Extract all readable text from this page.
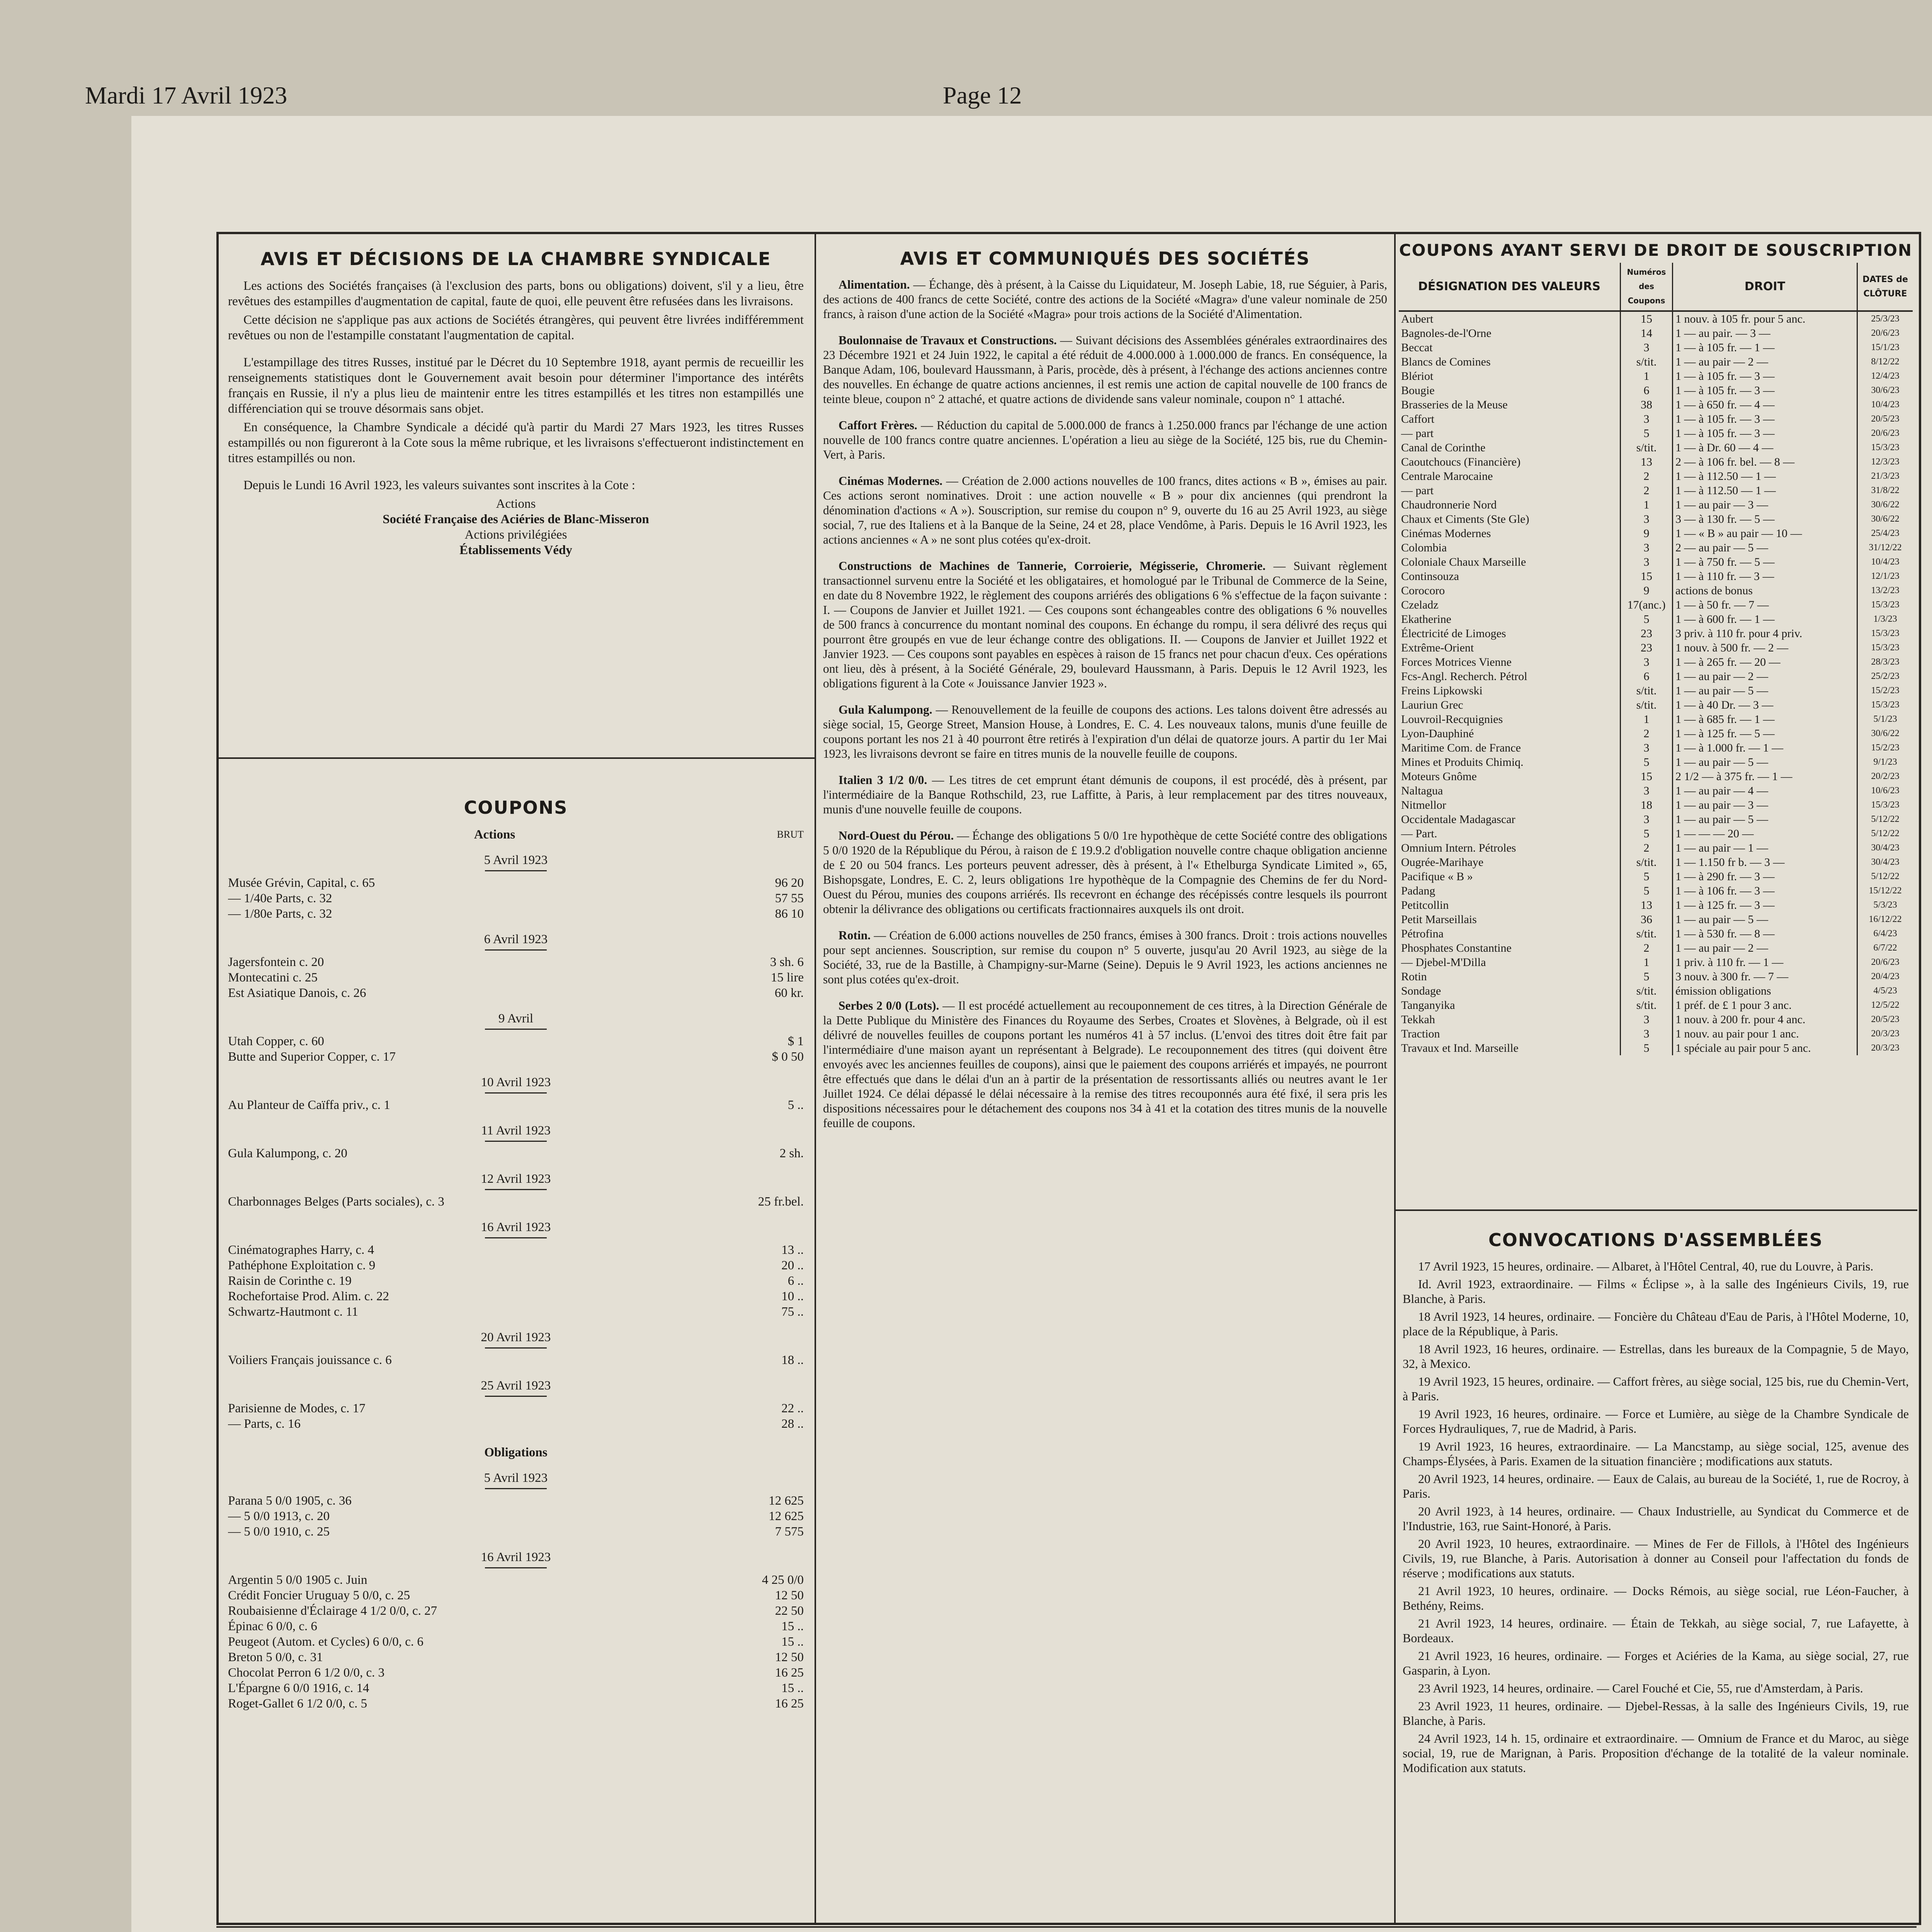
Mardi 17 Avril 1923	Page 12
AVIS ET DÉCISIONS DE LA CHAMBRE SYNDICALE

Les actions des Sociétés françaises (à l'exclusion des parts, bons ou obligations) doivent, s'il y a lieu, être revêtues des estampilles d'augmentation de capital, faute de quoi, elle peuvent être refusées dans les livraisons.

Cette décision ne s'applique pas aux actions de Sociétés étrangères, qui peuvent être livrées indifféremment revêtues ou non de l'estampille constatant l'augmentation de capital.

L'estampillage des titres Russes, institué par le Décret du 10 Septembre 1918, ayant permis de recueillir les renseignements statistiques dont le Gouvernement avait besoin pour déterminer l'importance des intérêts français en Russie, il n'y a plus lieu de maintenir entre les titres estampillés et les titres non estampillés une différenciation qui se trouve désormais sans objet.

En conséquence, la Chambre Syndicale a décidé qu'à partir du Mardi 27 Mars 1923, les titres Russes estampillés ou non figureront à la Cote sous la même rubrique, et les livraisons s'effectueront indistinctement en titres estampillés ou non.

Depuis le Lundi 16 Avril 1923, les valeurs suivantes sont inscrites à la Cote :

Actions
Société Française des Aciéries de Blanc-Misseron
Actions privilégiées
Établissements Védy
COUPONS
Actions	BRUT
5 Avril 1923
Musée Grévin, Capital, c. 65	96 20
— 1/40e Parts, c. 32	57 55
— 1/80e Parts, c. 32	86 10
6 Avril 1923
Jagersfontein c. 20	3 sh. 6
Montecatini c. 25	15 lire
Est Asiatique Danois, c. 26	60 kr.
9 Avril
Utah Copper, c. 60	$ 1
Butte and Superior Copper, c. 17	$ 0 50
10 Avril 1923
Au Planteur de Caïffa priv., c. 1	5 ..
11 Avril 1923
Gula Kalumpong, c. 20	2 sh.
12 Avril 1923
Charbonnages Belges (Parts sociales), c. 3	25 fr.bel.
16 Avril 1923
Cinématographes Harry, c. 4	13 ..
Pathéphone Exploitation c. 9	20 ..
Raisin de Corinthe c. 19	6 ..
Rochefortaise Prod. Alim. c. 22	10 ..
Schwartz-Hautmont c. 11	75 ..
20 Avril 1923
Voiliers Français jouissance c. 6	18 ..
25 Avril 1923
Parisienne de Modes, c. 17	22 ..
— Parts, c. 16	28 ..
Obligations
5 Avril 1923
Parana 5 0/0 1905, c. 36	12 625
— 5 0/0 1913, c. 20	12 625
— 5 0/0 1910, c. 25	7 575
16 Avril 1923
Argentin 5 0/0 1905 c. Juin	4 25 0/0
Crédit Foncier Uruguay 5 0/0, c. 25	12 50
Roubaisienne d'Éclairage 4 1/2 0/0, c. 27	22 50
Épinac 6 0/0, c. 6	15 ..
Peugeot (Autom. et Cycles) 6 0/0, c. 6	15 ..
Breton 5 0/0, c. 31	12 50
Chocolat Perron 6 1/2 0/0, c. 3	16 25
L'Épargne 6 0/0 1916, c. 14	15 ..
Roget-Gallet 6 1/2 0/0, c. 5	16 25
AVIS ET COMMUNIQUÉS DES SOCIÉTÉS

Alimentation. — Échange, dès à présent, à la Caisse du Liquidateur, M. Joseph Labie, 18, rue Séguier, à Paris, des actions de 400 francs de cette Société, contre des actions de la Société «Magra» d'une valeur nominale de 250 francs, à raison d'une action de la Société «Magra» pour trois actions de la Société d'Alimentation.

Boulonnaise de Travaux et Constructions. — Suivant décisions des Assemblées générales extraordinaires des 23 Décembre 1921 et 24 Juin 1922, le capital a été réduit de 4.000.000 à 1.000.000 de francs. En conséquence, la Banque Adam, 106, boulevard Haussmann, à Paris, procède, dès à présent, à l'échange des actions anciennes contre des nouvelles. En échange de quatre actions anciennes, il est remis une action de capital nouvelle de 100 francs de teinte bleue, coupon n° 2 attaché, et quatre actions de dividende sans valeur nominale, coupon n° 1 attaché.

Caffort Frères. — Réduction du capital de 5.000.000 de francs à 1.250.000 francs par l'échange de une action nouvelle de 100 francs contre quatre anciennes. L'opération a lieu au siège de la Société, 125 bis, rue du Chemin-Vert, à Paris.

Cinémas Modernes. — Création de 2.000 actions nouvelles de 100 francs, dites actions « B », émises au pair. Ces actions seront nominatives. Droit : une action nouvelle « B » pour dix anciennes (qui prendront la dénomination d'actions « A »). Souscription, sur remise du coupon n° 9, ouverte du 16 au 25 Avril 1923, au siège social, 7, rue des Italiens et à la Banque de la Seine, 24 et 28, place Vendôme, à Paris. Depuis le 16 Avril 1923, les actions anciennes « A » ne sont plus cotées qu'ex-droit.

Constructions de Machines de Tannerie, Corroierie, Mégisserie, Chromerie. — Suivant règlement transactionnel survenu entre la Société et les obligataires, et homologué par le Tribunal de Commerce de la Seine, en date du 8 Novembre 1922, le règlement des coupons arriérés des obligations 6 % s'effectue de la façon suivante : I. — Coupons de Janvier et Juillet 1921. — Ces coupons sont échangeables contre des obligations 6 % nouvelles de 500 francs à concurrence du montant nominal des coupons. En échange du rompu, il sera délivré des reçus qui pourront être groupés en vue de leur échange contre des obligations. II. — Coupons de Janvier et Juillet 1922 et Janvier 1923. — Ces coupons sont payables en espèces à raison de 15 francs net pour chacun d'eux. Ces opérations ont lieu, dès à présent, à la Société Générale, 29, boulevard Haussmann, à Paris. Depuis le 12 Avril 1923, les obligations figurent à la Cote « Jouissance Janvier 1923 ».

Gula Kalumpong. — Renouvellement de la feuille de coupons des actions. Les talons doivent être adressés au siège social, 15, George Street, Mansion House, à Londres, E. C. 4. Les nouveaux talons, munis d'une feuille de coupons portant les nos 21 à 40 pourront être retirés à l'expiration d'un délai de quatorze jours. A partir du 1er Mai 1923, les livraisons devront se faire en titres munis de la nouvelle feuille de coupons.

Italien 3 1/2 0/0. — Les titres de cet emprunt étant démunis de coupons, il est procédé, dès à présent, par l'intermédiaire de la Banque Rothschild, 23, rue Laffitte, à Paris, à leur remplacement par des titres nouveaux, munis d'une nouvelle feuille de coupons.

Nord-Ouest du Pérou. — Échange des obligations 5 0/0 1re hypothèque de cette Société contre des obligations 5 0/0 1920 de la République du Pérou, à raison de £ 19.9.2 d'obligation nouvelle contre chaque obligation ancienne de £ 20 ou 504 francs. Les porteurs peuvent adresser, dès à présent, à l'« Ethelburga Syndicate Limited », 65, Bishopsgate, Londres, E. C. 2, leurs obligations 1re hypothèque de la Compagnie des Chemins de fer du Nord-Ouest du Pérou, munies des coupons arriérés. Ils recevront en échange des récépissés contre lesquels ils pourront obtenir la délivrance des obligations ou certificats fractionnaires auxquels ils ont droit.

Rotin. — Création de 6.000 actions nouvelles de 250 francs, émises à 300 francs. Droit : trois actions nouvelles pour sept anciennes. Souscription, sur remise du coupon n° 5 ouverte, jusqu'au 20 Avril 1923, au siège de la Société, 33, rue de la Bastille, à Champigny-sur-Marne (Seine). Depuis le 9 Avril 1923, les actions anciennes ne sont plus cotées qu'ex-droit.

Serbes 2 0/0 (Lots). — Il est procédé actuellement au recouponnement de ces titres, à la Direction Générale de la Dette Publique du Ministère des Finances du Royaume des Serbes, Croates et Slovènes, à Belgrade, où il est délivré de nouvelles feuilles de coupons portant les numéros 41 à 57 inclus. (L'envoi des titres doit être fait par l'intermédiaire d'une maison ayant un représentant à Belgrade). Le recouponnement des titres (qui doivent être envoyés avec les anciennes feuilles de coupons), ainsi que le paiement des coupons arriérés et impayés, ne pourront être effectués que dans le délai d'un an à partir de la présentation de ressortissants alliés ou neutres avant le 1er Juillet 1924. Ce délai dépassé le délai nécessaire à la remise des titres recouponnés aura été fixé, il sera pris les dispositions nécessaires pour le détachement des coupons nos 34 à 41 et la cotation des titres munis de la nouvelle feuille de coupons.

COUPONS AYANT SERVI DE DROIT DE SOUSCRIPTION
DÉSIGNATION DES VALEURS	Numéros des Coupons	DROIT	DATES de CLÔTURE
Aubert	15	1 nouv. à 105 fr. pour 5 anc.	25/3/23
Bagnoles-de-l'Orne	14	1 — au pair. — 3 —	20/6/23
Beccat	3	1 — à 105 fr. — 1 —	15/1/23
Blancs de Comines	s/tit.	1 — au pair — 2 —	8/12/22
Blériot	1	1 — à 105 fr. — 3 —	12/4/23
Bougie	6	1 — à 105 fr. — 3 —	30/6/23
Brasseries de la Meuse	38	1 — à 650 fr. — 4 —	10/4/23
Caffort	3	1 — à 105 fr. — 3 —	20/5/23
— part	5	1 — à 105 fr. — 3 —	20/6/23
Canal de Corinthe	s/tit.	1 — à Dr. 60 — 4 —	15/3/23
Caoutchoucs (Financière)	13	2 — à 106 fr. bel. — 8 —	12/3/23
Centrale Marocaine	2	1 — à 112.50 — 1 —	21/3/23
— part	2	1 — à 112.50 — 1 —	31/8/22
Chaudronnerie Nord	1	1 — au pair — 3 —	30/6/22
Chaux et Ciments (Ste Gle)	3	3 — à 130 fr. — 5 —	30/6/22
Cinémas Modernes	9	1 — « B » au pair — 10 —	25/4/23
Colombia	3	2 — au pair — 5 —	31/12/22
Coloniale Chaux Marseille	3	1 — à 750 fr. — 5 —	10/4/23
Continsouza	15	1 — à 110 fr. — 3 —	12/1/23
Corocoro	9	actions de bonus	13/2/23
Czeladz	17(anc.)	1 — à 50 fr. — 7 —	15/3/23
Ekatherine	5	1 — à 600 fr. — 1 —	1/3/23
Électricité de Limoges	23	3 priv. à 110 fr. pour 4 priv.	15/3/23
Extrême-Orient	23	1 nouv. à 500 fr. — 2 —	15/3/23
Forces Motrices Vienne	3	1 — à 265 fr. — 20 —	28/3/23
Fcs-Angl. Recherch. Pétrol	6	1 — au pair — 2 —	25/2/23
Freins Lipkowski	s/tit.	1 — au pair — 5 —	15/2/23
Lauriun Grec	s/tit.	1 — à 40 Dr. — 3 —	15/3/23
Louvroil-Recquignies	1	1 — à 685 fr. — 1 —	5/1/23
Lyon-Dauphiné	2	1 — à 125 fr. — 5 —	30/6/22
Maritime Com. de France	3	1 — à 1.000 fr. — 1 —	15/2/23
Mines et Produits Chimiq.	5	1 — au pair — 5 —	9/1/23
Moteurs Gnôme	15	2 1/2 — à 375 fr. — 1 —	20/2/23
Naltagua	3	1 — au pair — 4 —	10/6/23
Nitmellor	18	1 — au pair — 3 —	15/3/23
Occidentale Madagascar	3	1 — au pair — 5 —	5/12/22
— Part.	5	1 — — — 20 —	5/12/22
Omnium Intern. Pétroles	2	1 — au pair — 1 —	30/4/23
Ougrée-Marihaye	s/tit.	1 — 1.150 fr b. — 3 —	30/4/23
Pacifique « B »	5	1 — à 290 fr. — 3 —	5/12/22
Padang	5	1 — à 106 fr. — 3 —	15/12/22
Petitcollin	13	1 — à 125 fr. — 3 —	5/3/23
Petit Marseillais	36	1 — au pair — 5 —	16/12/22
Pétrofina	s/tit.	1 — à 530 fr. — 8 —	6/4/23
Phosphates Constantine	2	1 — au pair — 2 —	6/7/22
— Djebel-M'Dilla	1	1 priv. à 110 fr. — 1 —	20/6/23
Rotin	5	3 nouv. à 300 fr. — 7 —	20/4/23
Sondage	s/tit.	émission obligations	4/5/23
Tanganyika	s/tit.	1 préf. de £ 1 pour 3 anc.	12/5/22
Tekkah	3	1 nouv. à 200 fr. pour 4 anc.	20/5/23
Traction	3	1 nouv. au pair pour 1 anc.	20/3/23
Travaux et Ind. Marseille	5	1 spéciale au pair pour 5 anc.	20/3/23
CONVOCATIONS D'ASSEMBLÉES

17 Avril 1923, 15 heures, ordinaire. — Albaret, à l'Hôtel Central, 40, rue du Louvre, à Paris.

Id. Avril 1923, extraordinaire. — Films « Éclipse », à la salle des Ingénieurs Civils, 19, rue Blanche, à Paris.

18 Avril 1923, 14 heures, ordinaire. — Foncière du Château d'Eau de Paris, à l'Hôtel Moderne, 10, place de la République, à Paris.

18 Avril 1923, 16 heures, ordinaire. — Estrellas, dans les bureaux de la Compagnie, 5 de Mayo, 32, à Mexico.

19 Avril 1923, 15 heures, ordinaire. — Caffort frères, au siège social, 125 bis, rue du Chemin-Vert, à Paris.

19 Avril 1923, 16 heures, ordinaire. — Force et Lumière, au siège de la Chambre Syndicale de Forces Hydrauliques, 7, rue de Madrid, à Paris.

19 Avril 1923, 16 heures, extraordinaire. — La Mancstamp, au siège social, 125, avenue des Champs-Élysées, à Paris. Examen de la situation financière ; modifications aux statuts.

20 Avril 1923, 14 heures, ordinaire. — Eaux de Calais, au bureau de la Société, 1, rue de Rocroy, à Paris.

20 Avril 1923, à 14 heures, ordinaire. — Chaux Industrielle, au Syndicat du Commerce et de l'Industrie, 163, rue Saint-Honoré, à Paris.

20 Avril 1923, 10 heures, extraordinaire. — Mines de Fer de Fillols, à l'Hôtel des Ingénieurs Civils, 19, rue Blanche, à Paris. Autorisation à donner au Conseil pour l'affectation du fonds de réserve ; modifications aux statuts.

21 Avril 1923, 10 heures, ordinaire. — Docks Rémois, au siège social, rue Léon-Faucher, à Bethény, Reims.

21 Avril 1923, 14 heures, ordinaire. — Étain de Tekkah, au siège social, 7, rue Lafayette, à Bordeaux.

21 Avril 1923, 16 heures, ordinaire. — Forges et Aciéries de la Kama, au siège social, 27, rue Gasparin, à Lyon.

23 Avril 1923, 14 heures, ordinaire. — Carel Fouché et Cie, 55, rue d'Amsterdam, à Paris.

23 Avril 1923, 11 heures, ordinaire. — Djebel-Ressas, à la salle des Ingénieurs Civils, 19, rue Blanche, à Paris.

24 Avril 1923, 14 h. 15, ordinaire et extraordinaire. — Omnium de France et du Maroc, au siège social, 19, rue de Marignan, à Paris. Proposition d'échange de la totalité de la valeur nominale. Modification aux statuts.
